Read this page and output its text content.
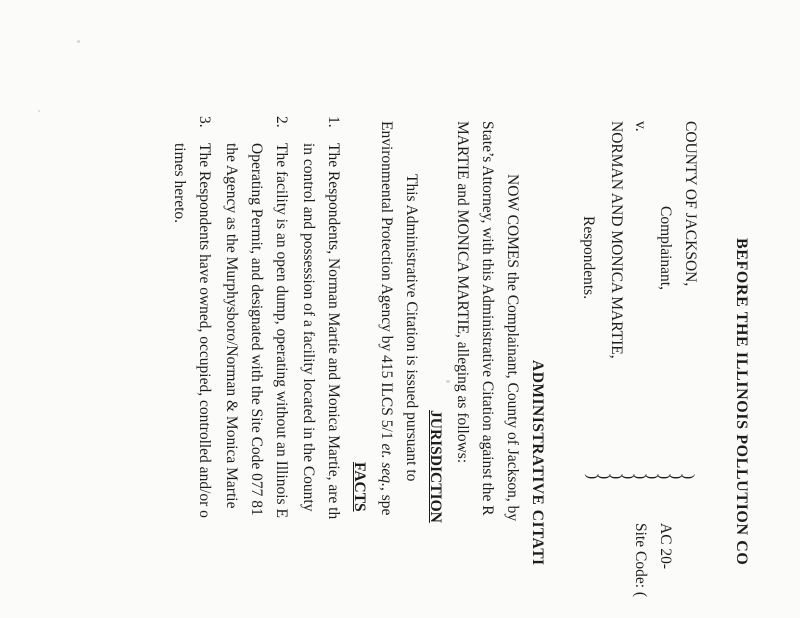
BEFORE THE ILLINOIS POLLUTION CO
COUNTY OF JACKSON,
Complainant,
v.
NORMAN AND MONICA MARTIE,
Respondents.
)
)
)
)
)
)
)
)
)
AC 20-
Site Code: (
ADMINISTRATIVE CITATI
NOW COMES the Complainant, County of Jackson, by
State’s Attorney, with this Administrative Citation against the R
MARTIE and MONICA MARTIE, alleging as follows:
JURISDICTION
This Administrative Citation is issued pursuant to
Environmental Protection Agency by 415 ILCS 5/1 et. seq., spe
FACTS
1.
The Respondents, Norman Martie and Monica Martie, are th
in control and possession of a facility located in the County
2.
The facility is an open dump, operating without an Illinois E
Operating Permit, and designated with the Site Code 077 81
the Agency as the Murphysboro/Norman & Monica Martie
3.
The Respondents have owned, occupied, controlled and/or o
times hereto.
